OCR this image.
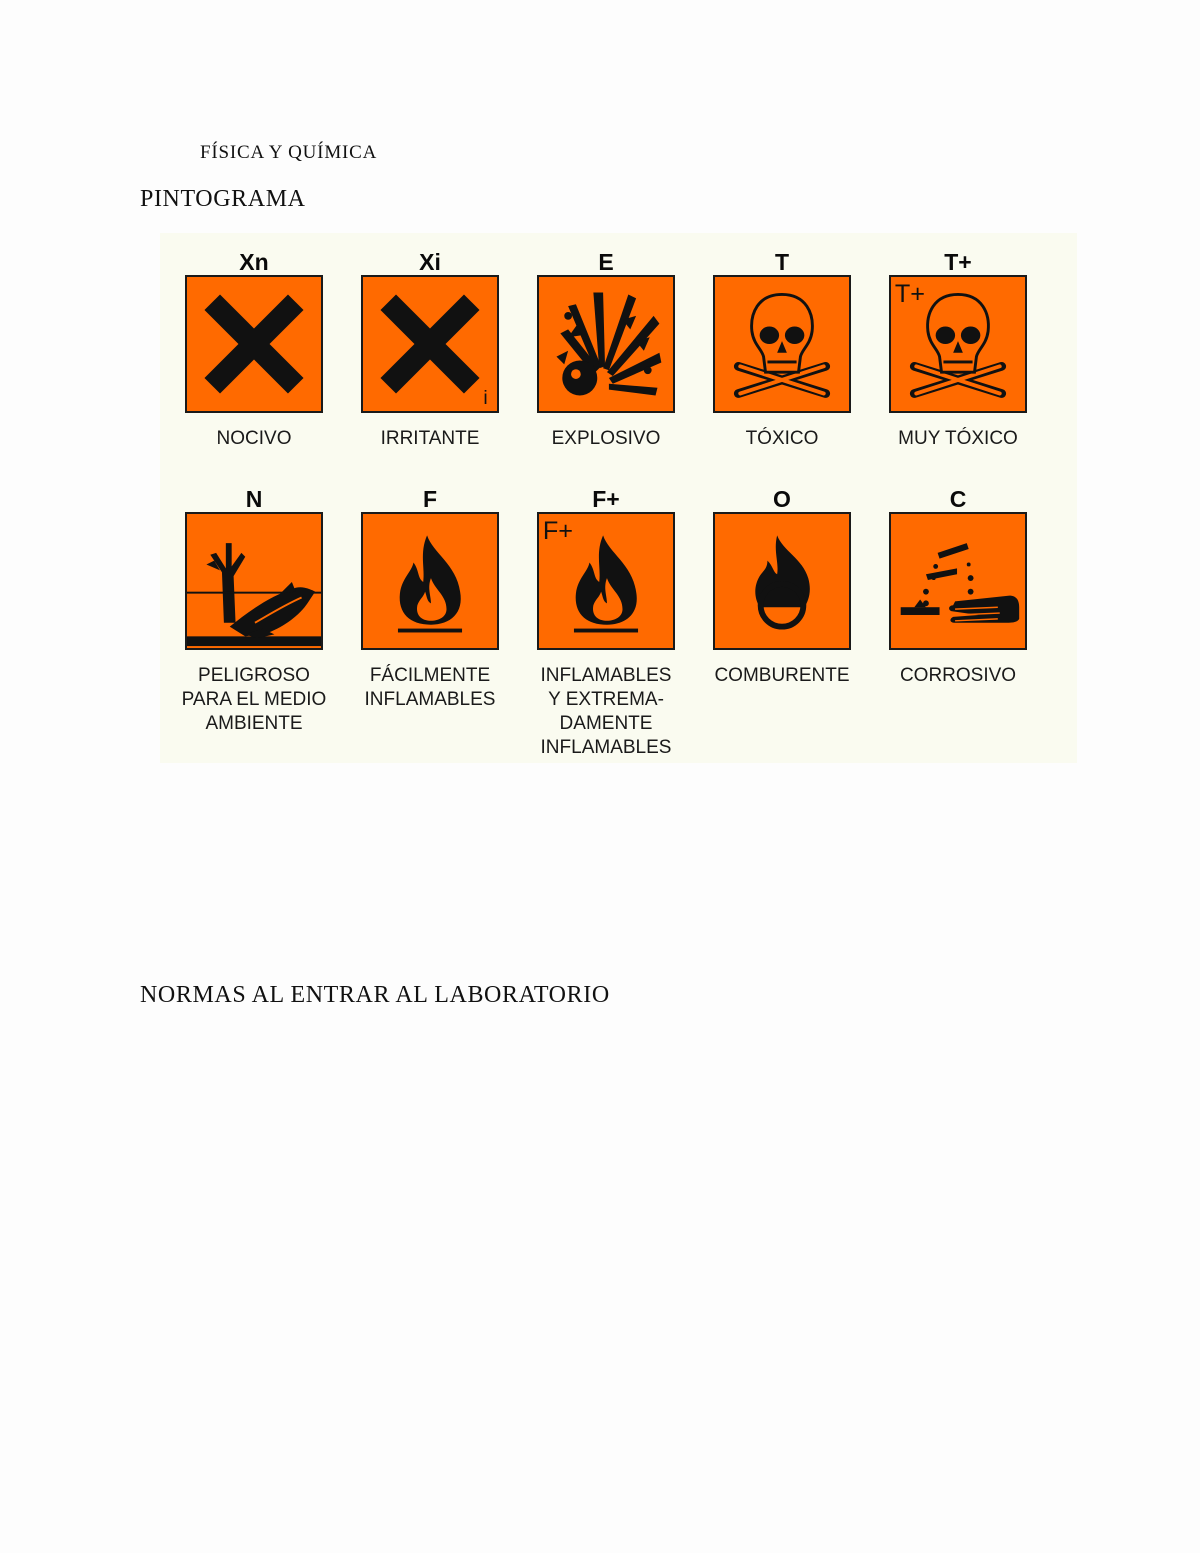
FÍSICA Y QUÍMICA
PINTOGRAMA
Xn
NOCIVO
Xi
i
IRRITANTE
E
EXPLOSIVO
T
TÓXICO
T+
T+
MUY TÓXICO
N
PELIGROSO
PARA EL MEDIO
AMBIENTE
F
FÁCILMENTE
INFLAMABLES
F+
F+
INFLAMABLES
Y EXTREMA-
DAMENTE
INFLAMABLES
O
COMBURENTE
C
CORROSIVO
NORMAS AL ENTRAR AL LABORATORIO
